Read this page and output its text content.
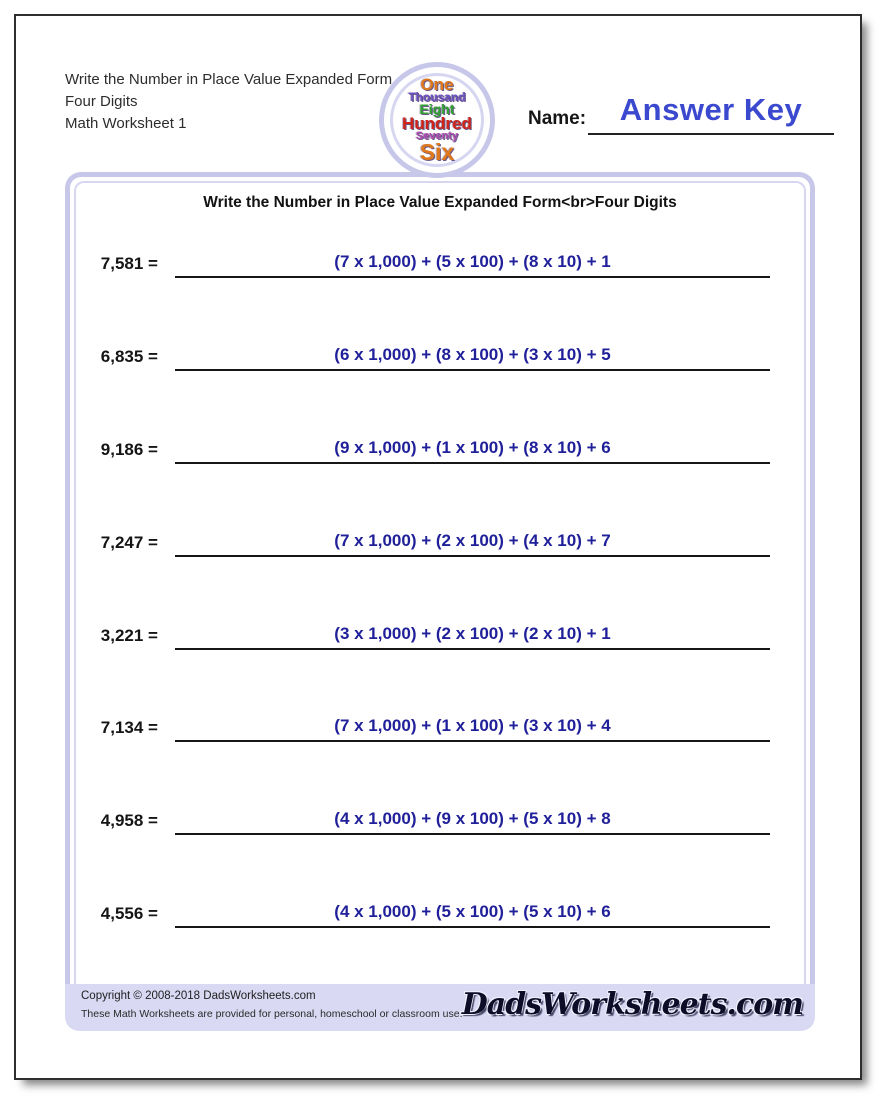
Write the Number in Place Value Expanded Form
Four Digits
Math Worksheet 1
One
Thousand
Eight
Hundred
Seventy
Six
Name:	Answer Key
Write the Number in Place Value Expanded Form<br>Four Digits
7,581 =	(7 x 1,000) + (5 x 100) + (8 x 10) + 1
6,835 =	(6 x 1,000) + (8 x 100) + (3 x 10) + 5
9,186 =	(9 x 1,000) + (1 x 100) + (8 x 10) + 6
7,247 =	(7 x 1,000) + (2 x 100) + (4 x 10) + 7
3,221 =	(3 x 1,000) + (2 x 100) + (2 x 10) + 1
7,134 =	(7 x 1,000) + (1 x 100) + (3 x 10) + 4
4,958 =	(4 x 1,000) + (9 x 100) + (5 x 10) + 8
4,556 =	(4 x 1,000) + (5 x 100) + (5 x 10) + 6
Copyright © 2008-2018 DadsWorksheets.com
These Math Worksheets are provided for personal, homeschool or classroom use. DadsWorksheets.com
